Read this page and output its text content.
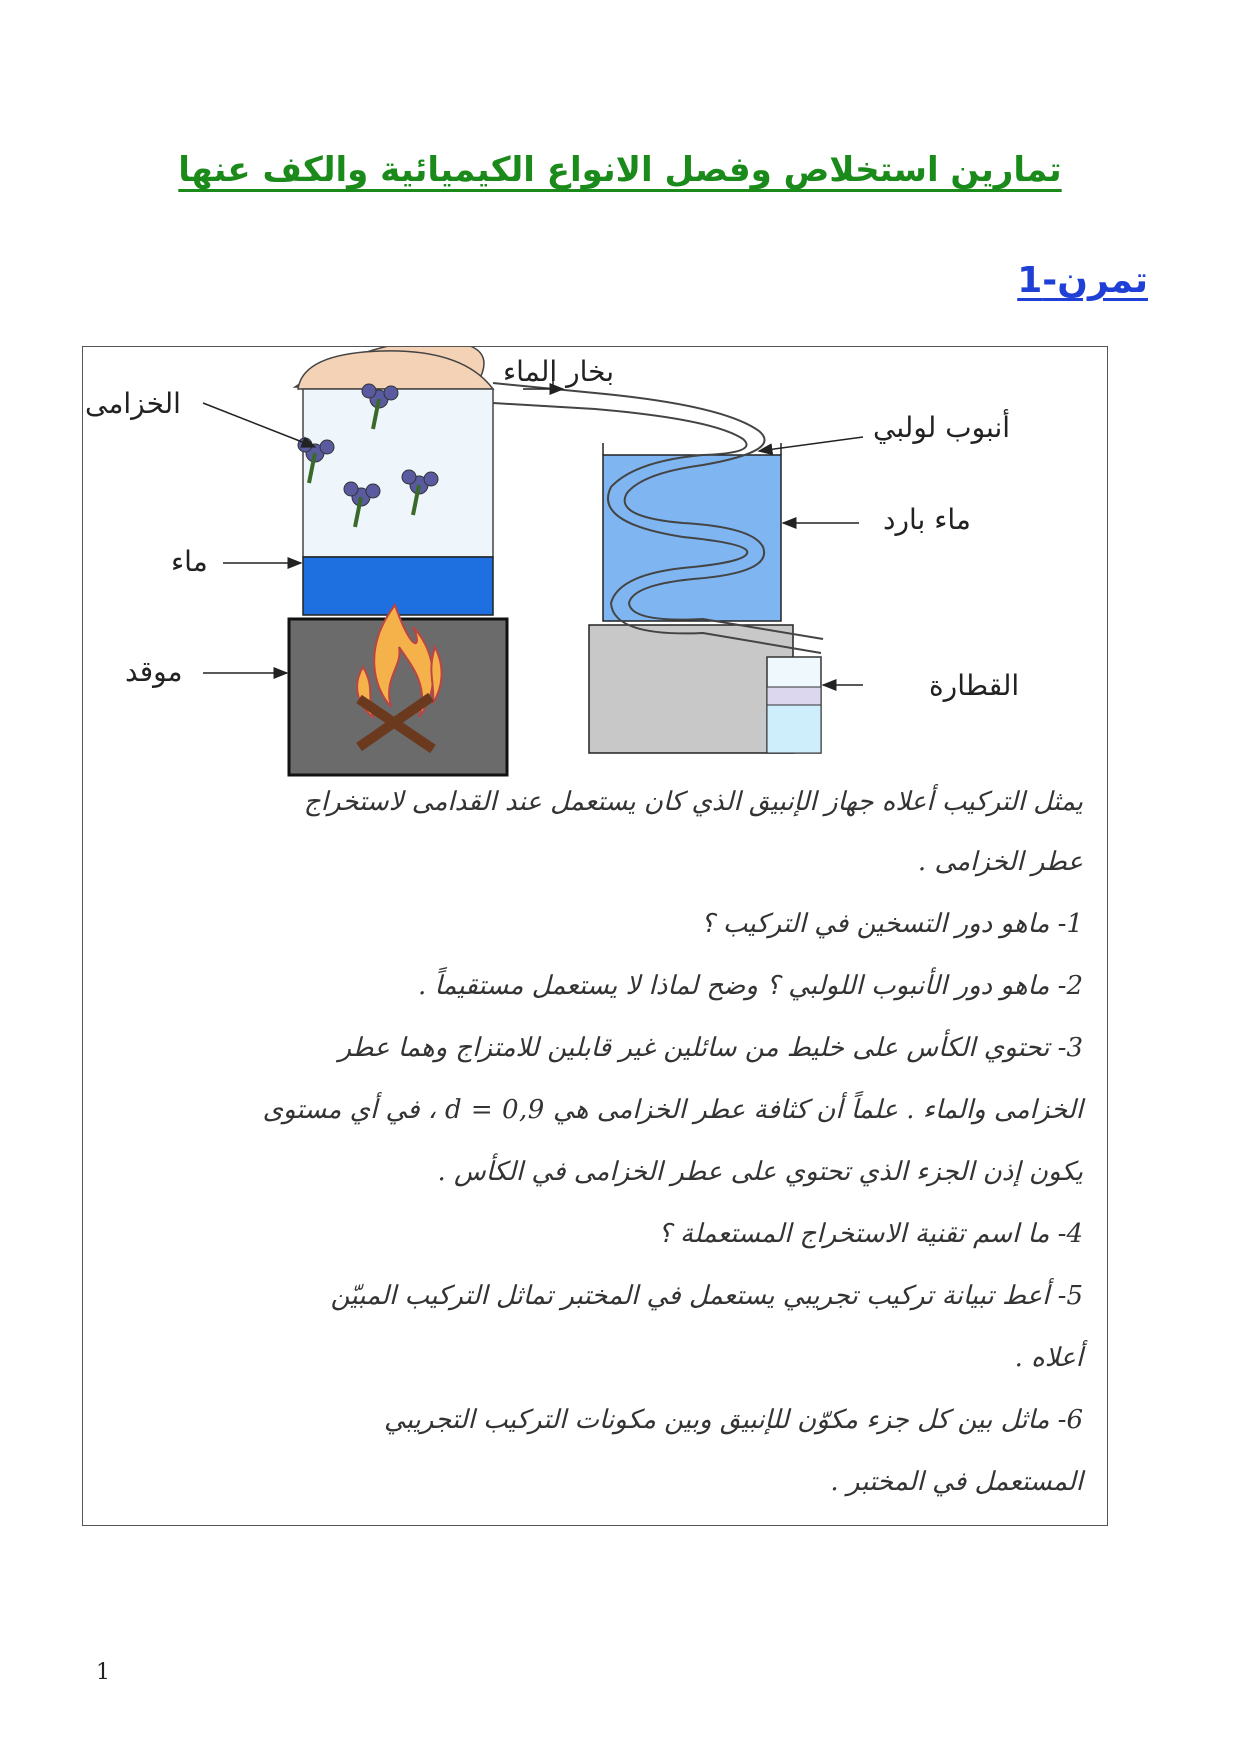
تمارين استخلاص وفصل الانواع الكيميائية والكف عنها
تمرن-1
الخزامى
بخار الماء
أنبوب لولبي
ماء بارد
ماء
موقد	القطارة
يمثل التركيب أعلاه جهاز الإنبيق الذي كان يستعمل عند القدامى لاستخراج
عطر الخزامى .
1- ماهو دور التسخين في التركيب ؟
2- ماهو دور الأنبوب اللولبي ؟ وضح لماذا لا يستعمل مستقيماً .
3- تحتوي الكأس على خليط من سائلين غير قابلين للامتزاج وهما عطر
الخزامى والماء . علماً أن كثافة عطر الخزامى هي d = 0,9 ، في أي مستوى
يكون إذن الجزء الذي تحتوي على عطر الخزامى في الكأس .
4- ما اسم تقنية الاستخراج المستعملة ؟
5- أعط تبيانة تركيب تجريبي يستعمل في المختبر تماثل التركيب المبيّن
أعلاه .
6- ماثل بين كل جزء مكوّن للإنبيق وبين مكونات التركيب التجريبي
المستعمل في المختبر .
1
